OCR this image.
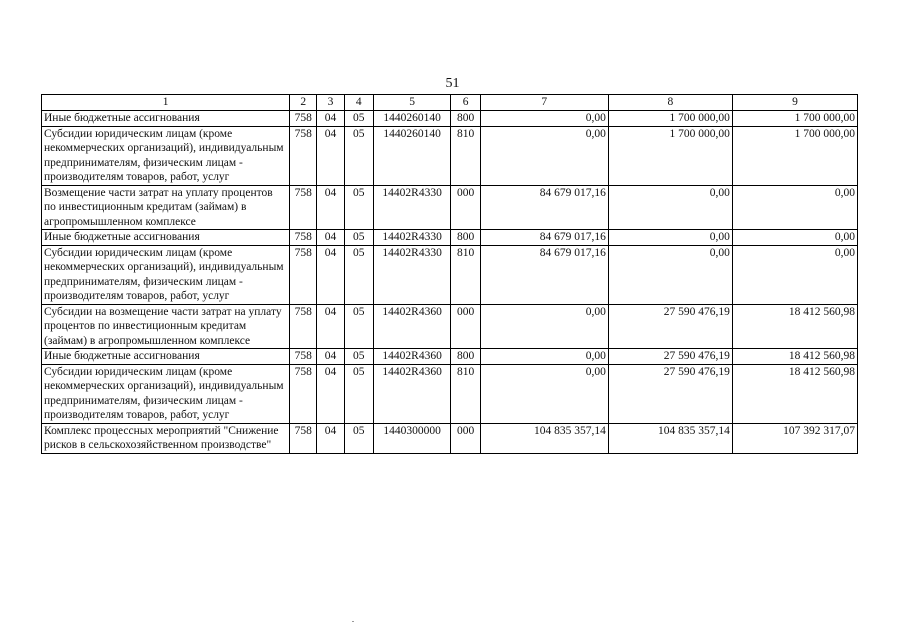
51
1	2	3	4	5	6	7	8	9
Иные бюджетные ассигнования	758	04	05	1440260140	800	0,00	1 700 000,00	1 700 000,00
Субсидии юридическим лицам (кроме некоммерческих организаций), индивидуальным предпринимателям, физическим лицам - производителям товаров, работ, услуг	758	04	05	1440260140	810	0,00	1 700 000,00	1 700 000,00
Возмещение части затрат на уплату процентов по инвестиционным кредитам (займам) в агропромышленном комплексе	758	04	05	14402R4330	000	84 679 017,16	0,00	0,00
Иные бюджетные ассигнования	758	04	05	14402R4330	800	84 679 017,16	0,00	0,00
Субсидии юридическим лицам (кроме некоммерческих организаций), индивидуальным предпринимателям, физическим лицам - производителям товаров, работ, услуг	758	04	05	14402R4330	810	84 679 017,16	0,00	0,00
Субсидии на возмещение части затрат на уплату процентов по инвестиционным кредитам (займам) в агропромышленном комплексе	758	04	05	14402R4360	000	0,00	27 590 476,19	18 412 560,98
Иные бюджетные ассигнования	758	04	05	14402R4360	800	0,00	27 590 476,19	18 412 560,98
Субсидии юридическим лицам (кроме некоммерческих организаций), индивидуальным предпринимателям, физическим лицам - производителям товаров, работ, услуг	758	04	05	14402R4360	810	0,00	27 590 476,19	18 412 560,98
Комплекс процессных мероприятий "Снижение рисков в сельскохозяйственном производстве"	758	04	05	1440300000	000	104 835 357,14	104 835 357,14	107 392 317,07
